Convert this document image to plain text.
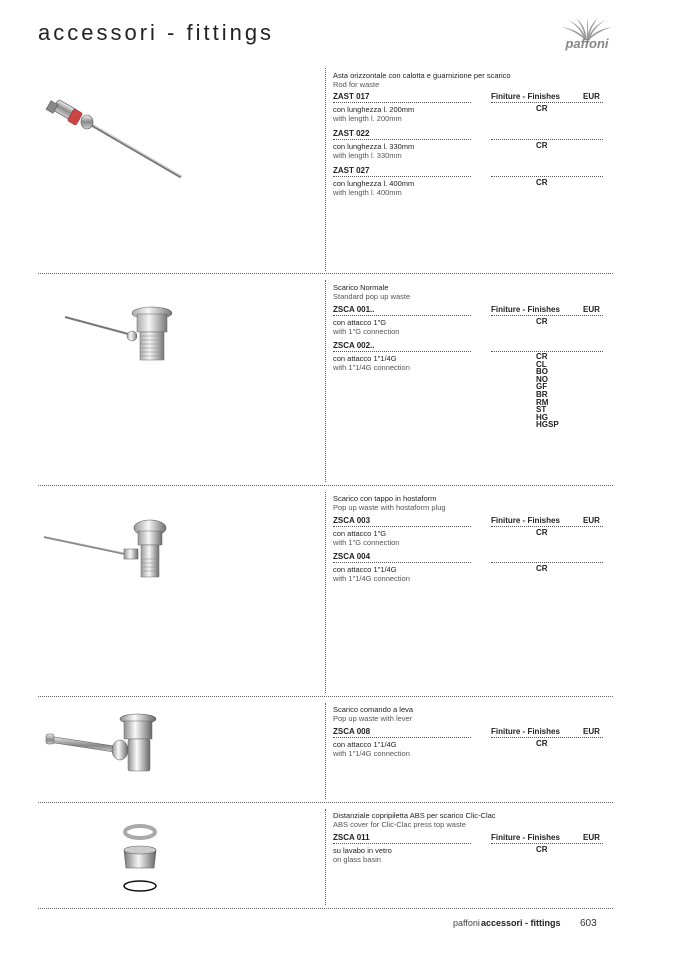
accessori - fittings	paffoni
Asta orizzontale con calotta e guarnizione per scarico
Rod for waste
ZAST 017	Finiture - Finishes	EUR
con lunghezza l. 200mm
with length l. 200mm
CR
ZAST 022
con lunghezza l. 330mm
with length l. 330mm
CR
ZAST 027
con lunghezza l. 400mm
with length l. 400mm
CR
Scarico Normale
Standard pop up waste
ZSCA 001..	Finiture - Finishes	EUR
con attacco 1"G
with 1"G connection
CR
ZSCA 002..
con attacco 1"1/4G
with 1"1/4G connection
CR
CL
BO
NO
GF
BR
RM
ST
HG
HGSP
Scarico con tappo in hostaform
Pop up waste with hostaform plug
ZSCA 003	Finiture - Finishes	EUR
con attacco 1"G
with 1"G connection
CR
ZSCA 004
con attacco 1"1/4G
with 1"1/4G connection
CR
Scarico comando a leva
Pop up waste with lever
ZSCA 008	Finiture - Finishes	EUR
con attacco 1"1/4G
with 1"1/4G connection
CR
Distanziale copripiletta ABS per scarico Clic-Clac
ABS cover for Clic-Clac press top waste
ZSCA 011	Finiture - Finishes	EUR
su lavabo in vetro
on glass basin
CR
paffoni accessori - fittings 603
